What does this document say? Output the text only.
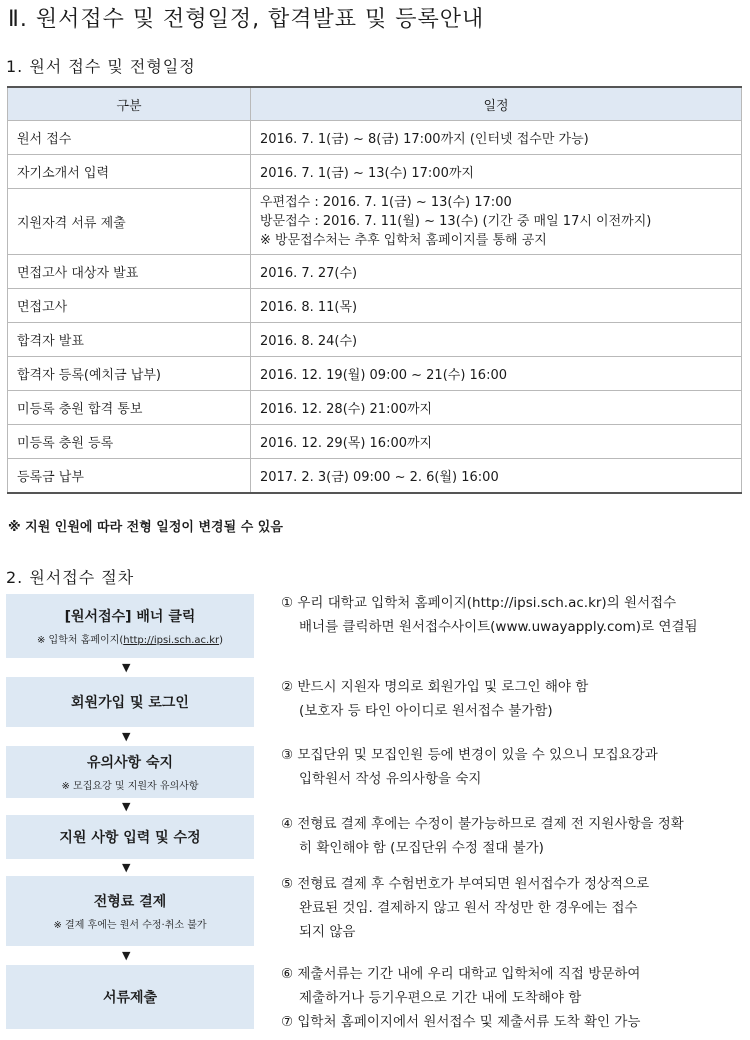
Ⅱ. 원서접수 및 전형일정, 합격발표 및 등록안내
1. 원서 접수 및 전형일정
구분	일정
원서 접수	2016. 7. 1(금) ~ 8(금) 17:00까지 (인터넷 접수만 가능)
자기소개서 입력	2016. 7. 1(금) ~ 13(수) 17:00까지
지원자격 서류 제출	우편접수 : 2016. 7. 1(금) ~ 13(수) 17:00
방문접수 : 2016. 7. 11(월) ~ 13(수) (기간 중 매일 17시 이전까지)
※ 방문접수처는 추후 입학처 홈페이지를 통해 공지

면접고사 대상자 발표	2016. 7. 27(수)
면접고사	2016. 8. 11(목)
합격자 발표	2016. 8. 24(수)
합격자 등록(예치금 납부)	2016. 12. 19(월) 09:00 ~ 21(수) 16:00
미등록 충원 합격 통보	2016. 12. 28(수) 21:00까지
미등록 충원 등록	2016. 12. 29(목) 16:00까지
등록금 납부	2017. 2. 3(금) 09:00 ~ 2. 6(월) 16:00
※ 지원 인원에 따라 전형 일정이 변경될 수 있음
2. 원서접수 절차
[원서접수] 배너 클릭
※ 입학처 홈페이지(http://ipsi.sch.ac.kr)
▼
회원가입 및 로그인
▼
유의사항 숙지
※ 모집요강 및 지원자 유의사항
▼
지원 사항 입력 및 수정
▼
전형료 결제
※ 결제 후에는 원서 수정·취소 불가
▼
서류제출
① 우리 대학교 입학처 홈페이지(http://ipsi.sch.ac.kr)의 원서접수
배너를 클릭하면 원서접수사이트(www.uwayapply.com)로 연결됨
② 반드시 지원자 명의로 회원가입 및 로그인 해야 함
(보호자 등 타인 아이디로 원서접수 불가함)
③ 모집단위 및 모집인원 등에 변경이 있을 수 있으니 모집요강과
입학원서 작성 유의사항을 숙지
④ 전형료 결제 후에는 수정이 불가능하므로 결제 전 지원사항을 정확
히 확인해야 함 (모집단위 수정 절대 불가)
⑤ 전형료 결제 후 수험번호가 부여되면 원서접수가 정상적으로
완료된 것임. 결제하지 않고 원서 작성만 한 경우에는 접수
되지 않음
⑥ 제출서류는 기간 내에 우리 대학교 입학처에 직접 방문하여
제출하거나 등기우편으로 기간 내에 도착해야 함
⑦ 입학처 홈페이지에서 원서접수 및 제출서류 도착 확인 가능
